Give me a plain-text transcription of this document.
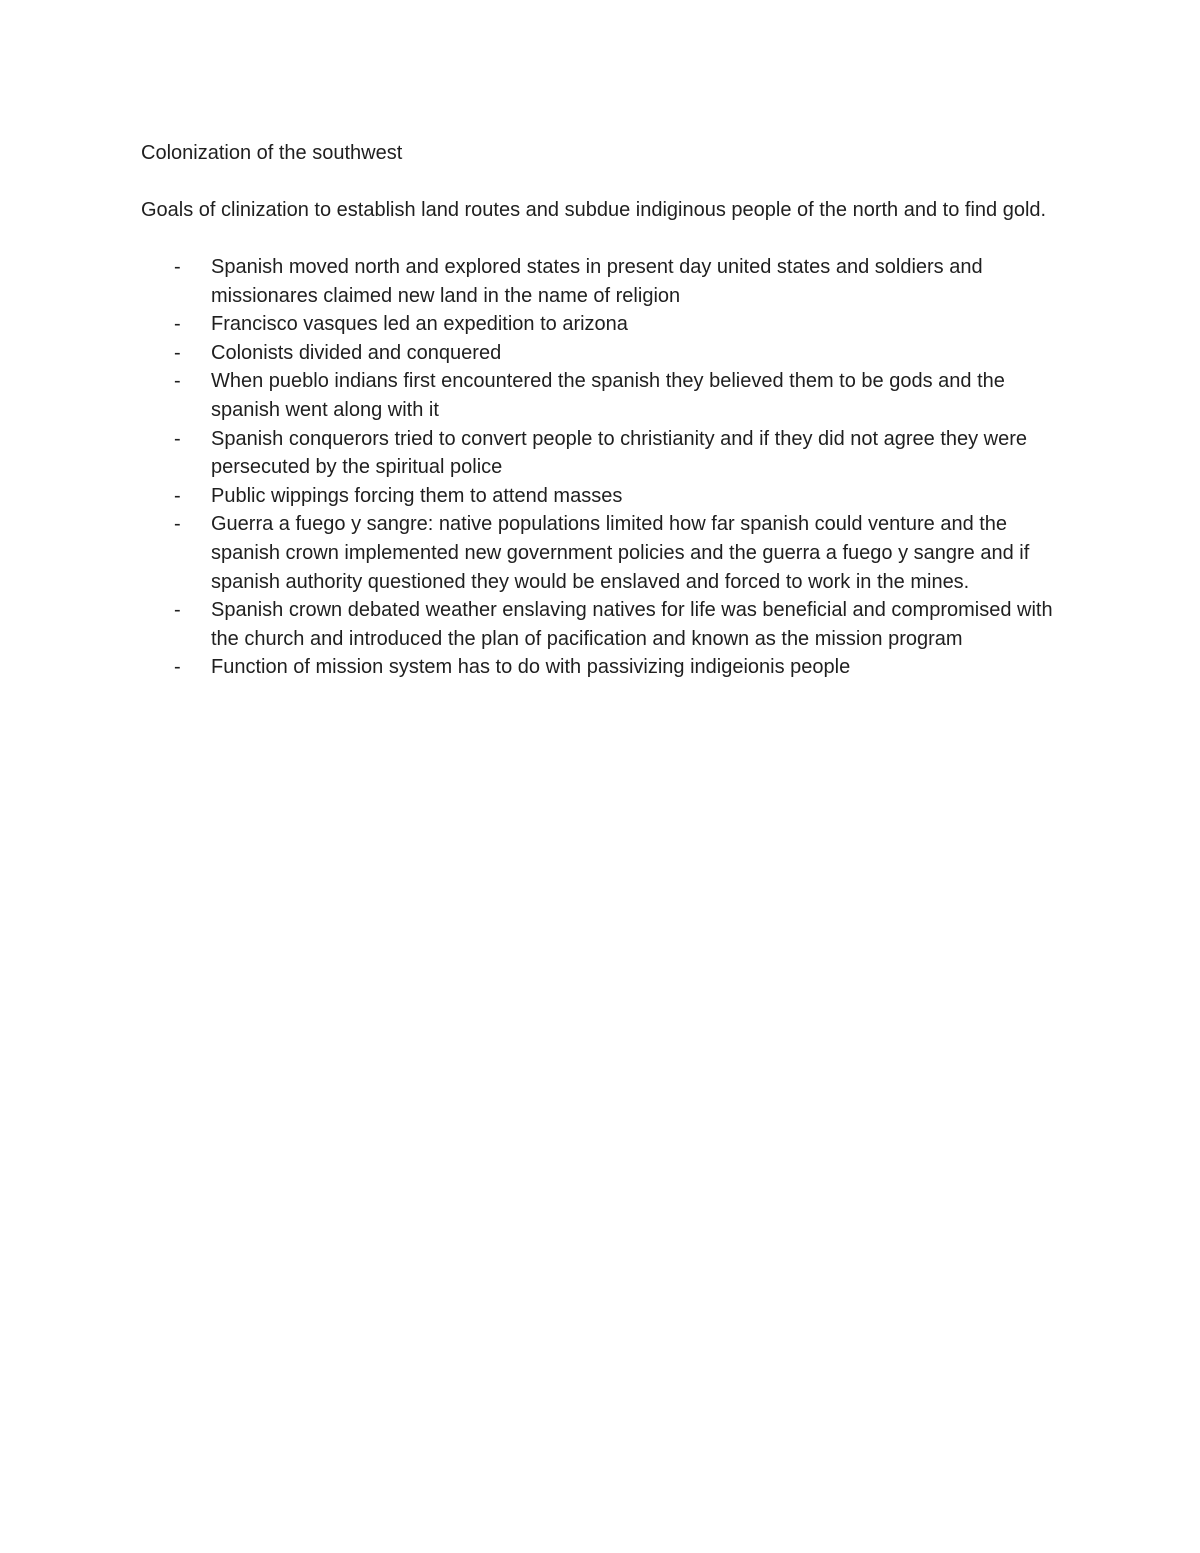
Colonization of the southwest

Goals of clinization to establish land routes and subdue indiginous people of the north and to find gold.

- Spanish moved north and explored states in present day united states and soldiers and missionares claimed new land in the name of religion
- Francisco vasques led an expedition to arizona
- Colonists divided and conquered
- When pueblo indians first encountered the spanish they believed them to be gods and the spanish went along with it
- Spanish conquerors tried to convert people to christianity and if they did not agree they were persecuted by the spiritual police
- Public wippings forcing them to attend masses
- Guerra a fuego y sangre: native populations limited how far spanish could venture and the spanish crown implemented new government policies and the guerra a fuego y sangre and if spanish authority questioned they would be enslaved and forced to work in the mines.
- Spanish crown debated weather enslaving natives for life was beneficial and compromised with the church and introduced the plan of pacification and known as the mission program
- Function of mission system has to do with passivizing indigeionis people
